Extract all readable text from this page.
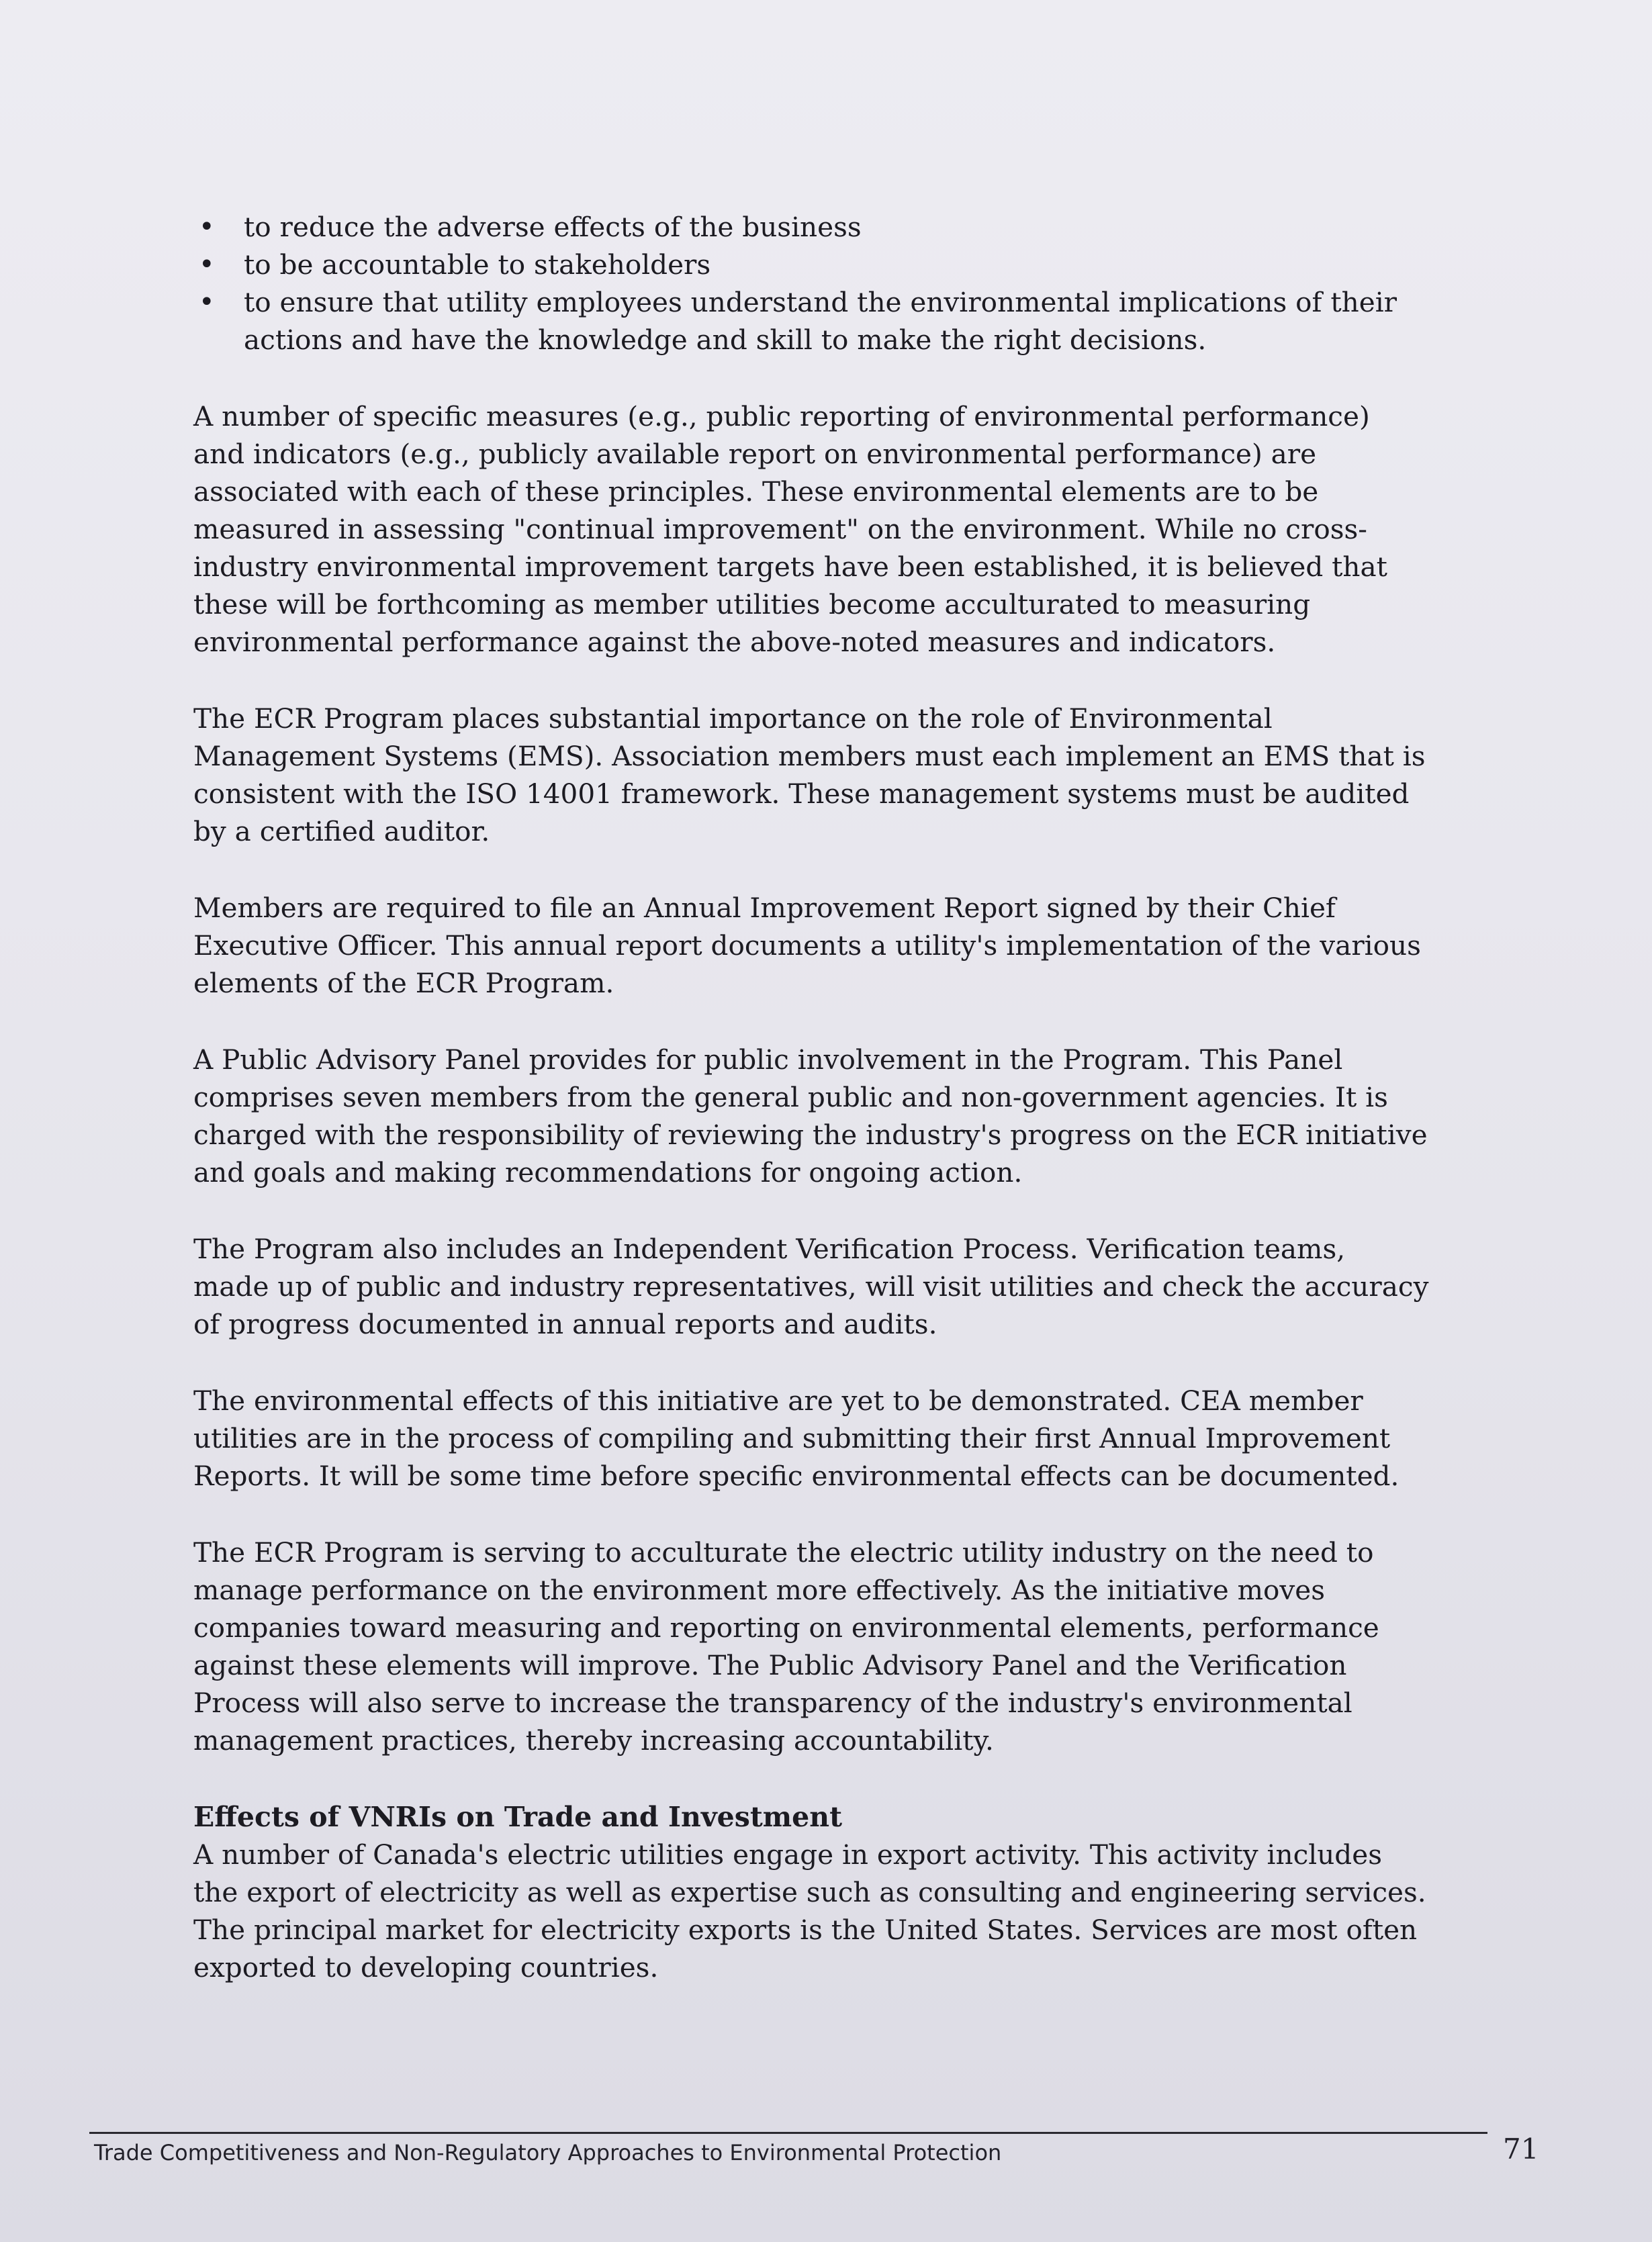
• to reduce the adverse effects of the business
• to be accountable to stakeholders
• to ensure that utility employees understand the environmental implications of their actions and have the knowledge and skill to make the right decisions.

A number of specific measures (e.g., public reporting of environmental performance) and indicators (e.g., publicly available report on environmental performance) are associated with each of these principles. These environmental elements are to be measured in assessing "continual improvement" on the environment. While no cross-industry environmental improvement targets have been established, it is believed that these will be forthcoming as member utilities become acculturated to measuring environmental performance against the above-noted measures and indicators.

The ECR Program places substantial importance on the role of Environmental Management Systems (EMS). Association members must each implement an EMS that is consistent with the ISO 14001 framework. These management systems must be audited by a certified auditor.

Members are required to file an Annual Improvement Report signed by their Chief Executive Officer. This annual report documents a utility's implementation of the various elements of the ECR Program.

A Public Advisory Panel provides for public involvement in the Program. This Panel comprises seven members from the general public and non-government agencies. It is charged with the responsibility of reviewing the industry's progress on the ECR initiative and goals and making recommendations for ongoing action.

The Program also includes an Independent Verification Process. Verification teams, made up of public and industry representatives, will visit utilities and check the accuracy of progress documented in annual reports and audits.

The environmental effects of this initiative are yet to be demonstrated. CEA member utilities are in the process of compiling and submitting their first Annual Improvement Reports. It will be some time before specific environmental effects can be documented.

The ECR Program is serving to acculturate the electric utility industry on the need to manage performance on the environment more effectively. As the initiative moves companies toward measuring and reporting on environmental elements, performance against these elements will improve. The Public Advisory Panel and the Verification Process will also serve to increase the transparency of the industry's environmental management practices, thereby increasing accountability.

Effects of VNRIs on Trade and Investment

A number of Canada's electric utilities engage in export activity. This activity includes the export of electricity as well as expertise such as consulting and engineering services. The principal market for electricity exports is the United States. Services are most often exported to developing countries.

Trade Competitiveness and Non-Regulatory Approaches to Environmental Protection	71
